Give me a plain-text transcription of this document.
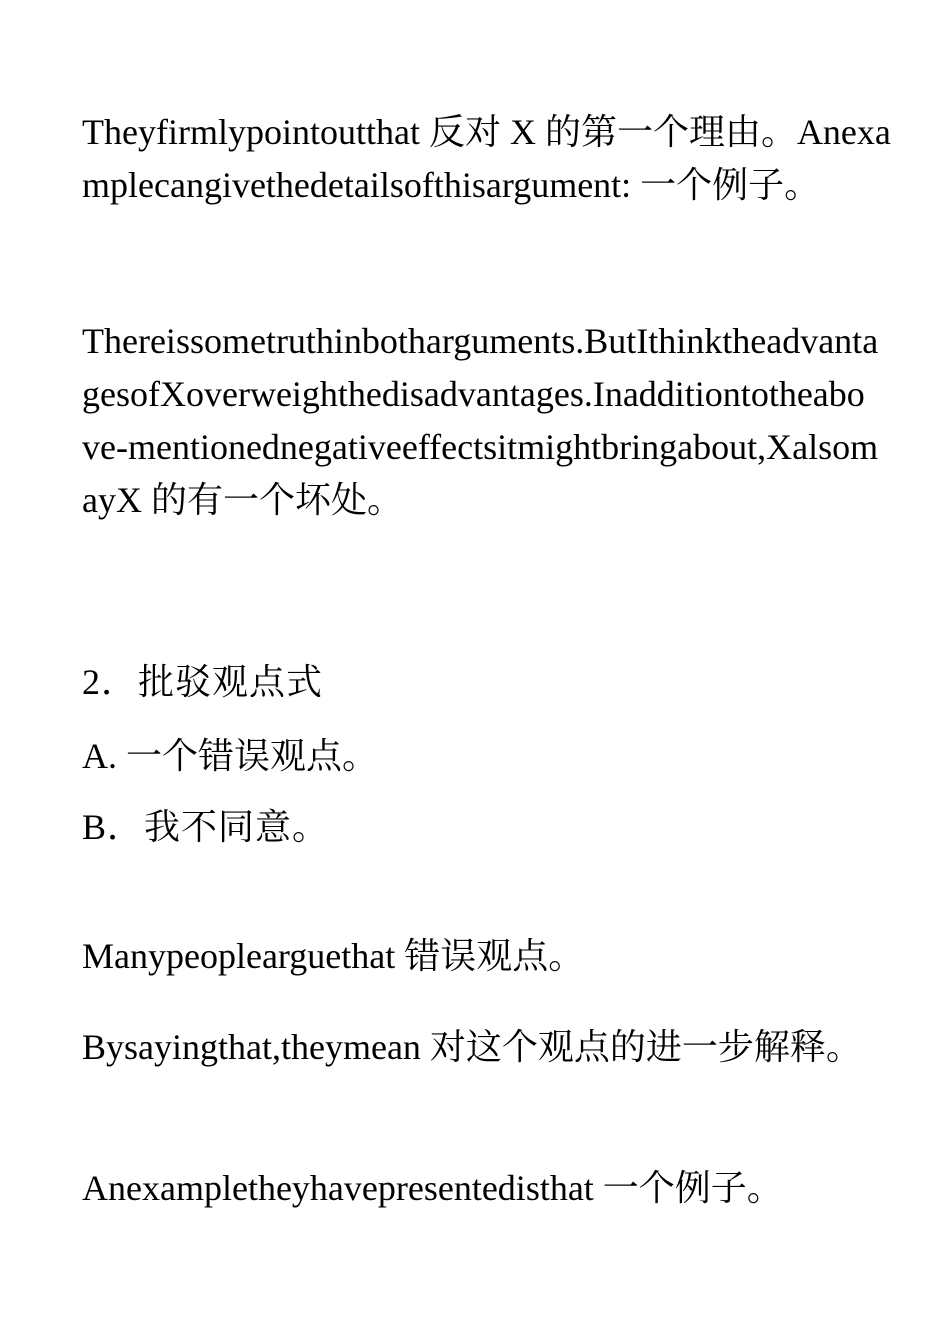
Theyfirmlypointoutthat 反对 X 的第一个理由。Anexamplecangivethedetailsofthisargument: 一个例子。

Thereissometruthinbotharguments.ButIthinktheadvantagesofXoverweighthedisadvantages.Inadditiontotheabove-mentionednegativeeffectsitmightbringabout,XalsomayX 的有一个坏处。

2．批驳观点式

A. 一个错误观点。

B．我不同意。

Manypeoplearguethat 错误观点。

Bysayingthat,theymean 对这个观点的进一步解释。

Anexampletheyhavepresentedisthat 一个例子。
